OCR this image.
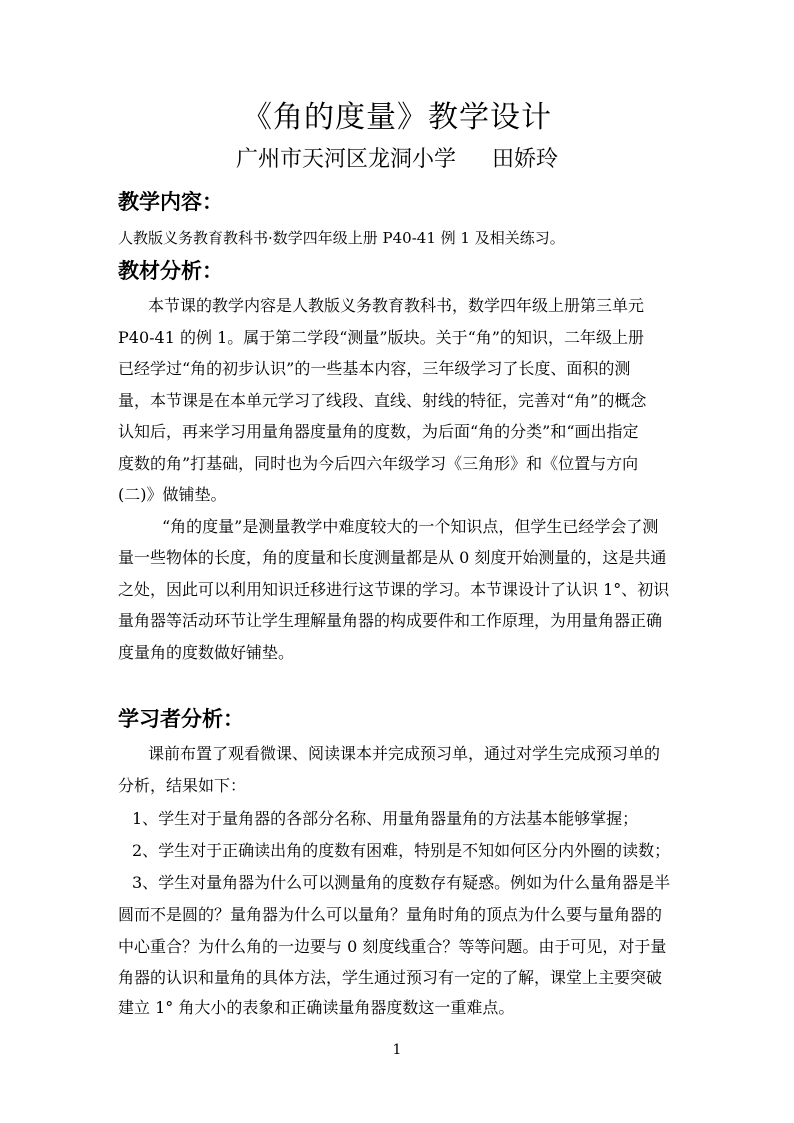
《角的度量》教学设计
广州市天河区龙洞小学 田娇玲
教学内容：
人教版义务教育教科书·数学四年级上册 P40-41 例 1 及相关练习。
教材分析：
本节课的教学内容是人教版义务教育教科书，数学四年级上册第三单元
P40-41 的例 1。属于第二学段“测量”版块。关于“角”的知识，二年级上册
已经学过“角的初步认识”的一些基本内容，三年级学习了长度、面积的测
量，本节课是在本单元学习了线段、直线、射线的特征，完善对“角”的概念
认知后，再来学习用量角器度量角的度数，为后面“角的分类”和“画出指定
度数的角”打基础，同时也为今后四六年级学习《三角形》和《位置与方向
(二)》做铺垫。
“角的度量”是测量教学中难度较大的一个知识点，但学生已经学会了测
量一些物体的长度，角的度量和长度测量都是从 0 刻度开始测量的，这是共通
之处，因此可以利用知识迁移进行这节课的学习。本节课设计了认识 1°、初识
量角器等活动环节让学生理解量角器的构成要件和工作原理，为用量角器正确
度量角的度数做好铺垫。
学习者分析：
课前布置了观看微课、阅读课本并完成预习单，通过对学生完成预习单的
分析，结果如下：
1、学生对于量角器的各部分名称、用量角器量角的方法基本能够掌握；
2、学生对于正确读出角的度数有困难，特别是不知如何区分内外圈的读数；
3、学生对量角器为什么可以测量角的度数存有疑惑。例如为什么量角器是半
圆而不是圆的？量角器为什么可以量角？量角时角的顶点为什么要与量角器的
中心重合？为什么角的一边要与 0 刻度线重合？等等问题。由于可见，对于量
角器的认识和量角的具体方法，学生通过预习有一定的了解，课堂上主要突破
建立 1° 角大小的表象和正确读量角器度数这一重难点。
1
